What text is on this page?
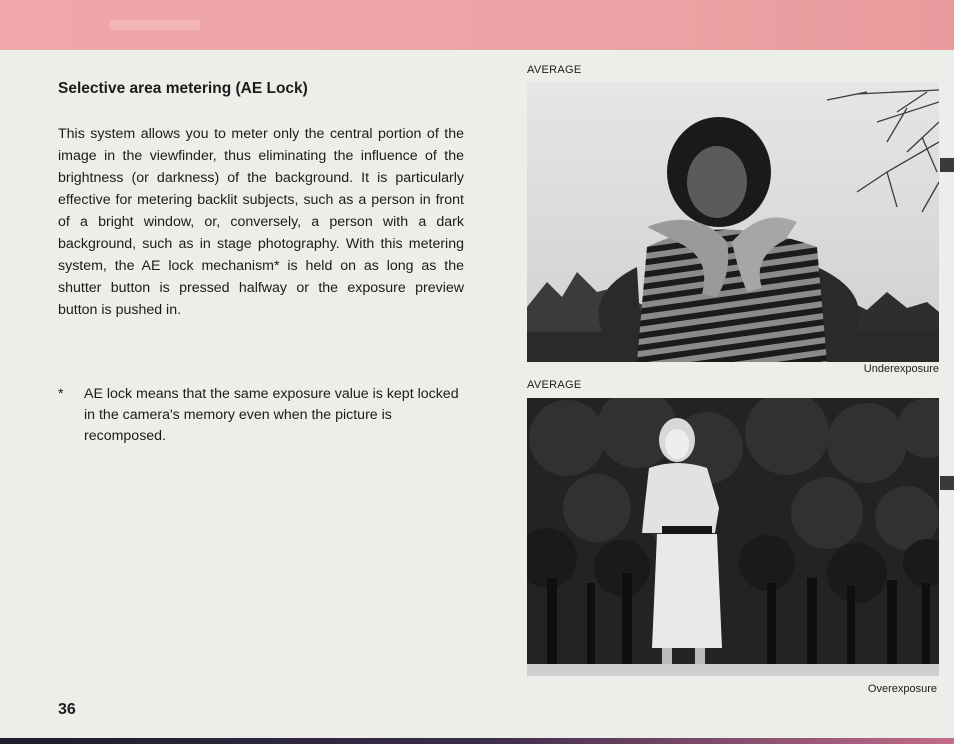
Selective area metering (AE Lock)

This system allows you to meter only the central portion of the image in the viewfinder, thus eliminating the influence of the brightness (or darkness) of the background. It is particularly effective for metering backlit subjects, such as a person in front of a bright window, or, conversely, a person with a dark background, such as in stage photography. With this metering system, the AE lock mechanism* is held on as long as the shutter button is pressed halfway or the exposure preview button is pushed in.

*	AE lock means that the same exposure value is kept locked in the camera's memory even when the picture is recomposed.
36
AVERAGE
Underexposure
AVERAGE
Overexposure
